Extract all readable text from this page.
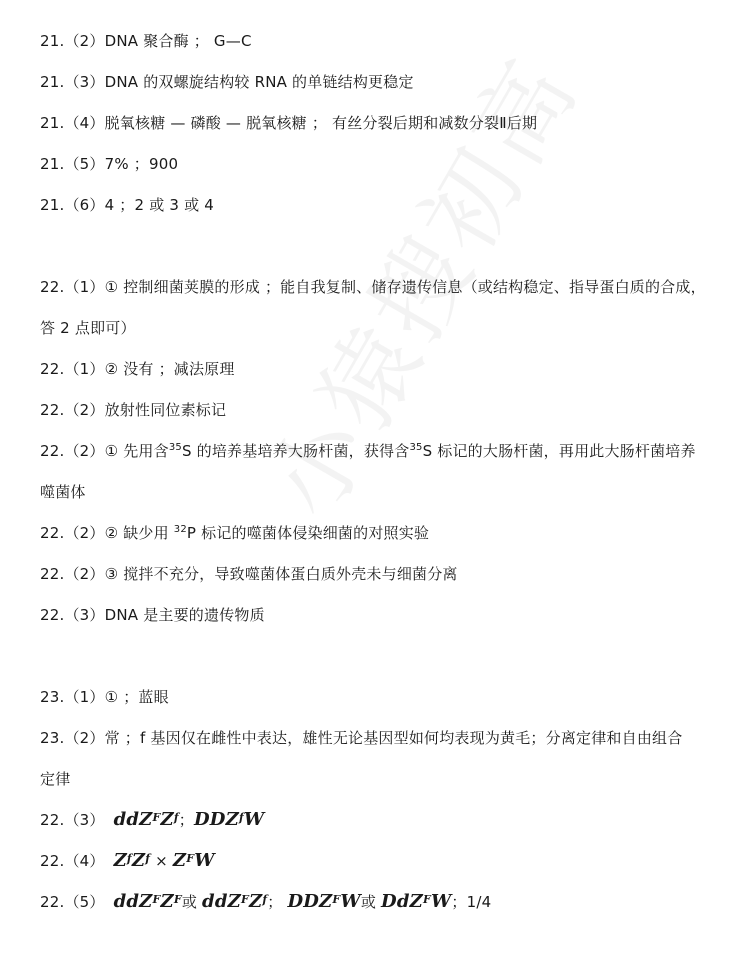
21.（2）DNA 聚合酶 ； G—C
21.（3）DNA 的双螺旋结构较 RNA 的单链结构更稳定
21.（4）脱氧核糖 — 磷酸 — 脱氧核糖 ； 有丝分裂后期和减数分裂Ⅱ后期
21.（5）7% ；900
21.（6）4 ；2 或 3 或 4
22.（1）① 控制细菌荚膜的形成 ；能自我复制、储存遗传信息（或结构稳定、指导蛋白质的合成，
答 2 点即可）
22.（1）② 没有 ；减法原理
22.（2）放射性同位素标记
22.（2）① 先用含$^{35}$S 的培养基培养大肠杆菌，获得含$^{35}$S 标记的大肠杆菌，再用此大肠杆菌培养
噬菌体
22.（2）② 缺少用 $^{32}$P 标记的噬菌体侵染细菌的对照实验
22.（2）③ 搅拌不充分，导致噬菌体蛋白质外壳未与细菌分离
22.（3）DNA 是主要的遗传物质
23.（1）① ；蓝眼
23.（2）常 ；f 基因仅在雌性中表达，雄性无论基因型如何均表现为黄毛；分离定律和自由组合
定律
22.（3） $ddZ^FZ^f$；DDZ$^f$W
22.（4） $Z^fZ^f \times Z^FW$
22.（5） $ddZ^FZ^F$或 $ddZ^FZ^f$； $DDZ^FW$或 DdZ$^F$W；1/4
